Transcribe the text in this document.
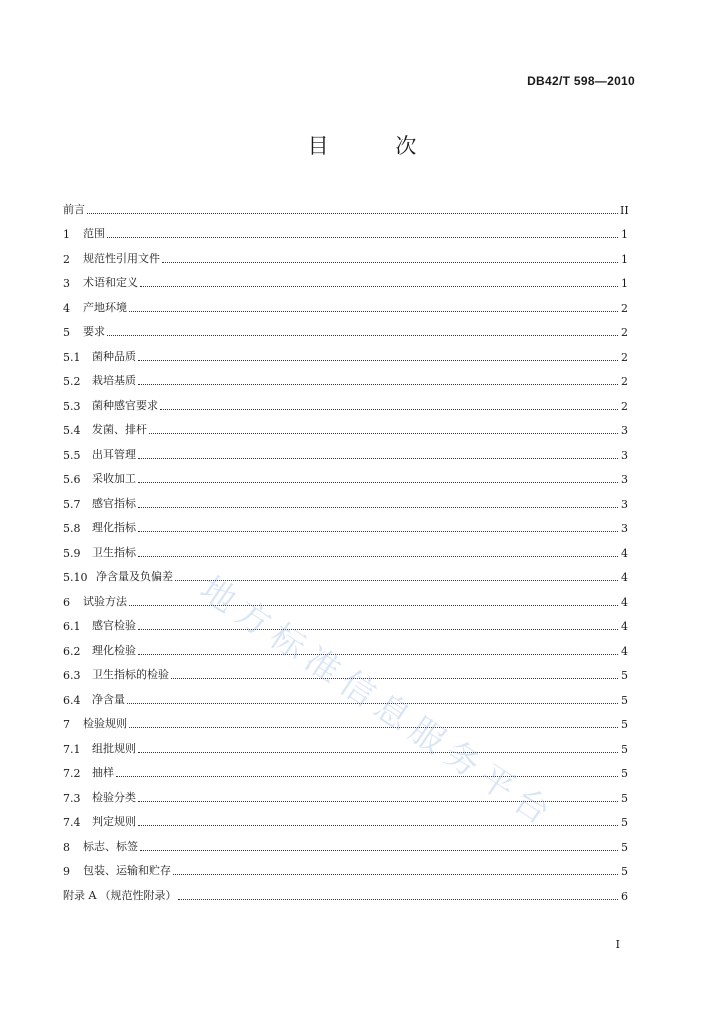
DB42/T 598—2010
目 次
前言	II
1	范围	1
2	规范性引用文件	1
3	术语和定义	1
4	产地环境	2
5	要求	2
5.1	菌种品质	2
5.2	栽培基质	2
5.3	菌种感官要求	2
5.4	发菌、排杆	3
5.5	出耳管理	3
5.6	采收加工	3
5.7	感官指标	3
5.8	理化指标	3
5.9	卫生指标	4
5.10 净含量及负偏差	4
6	试验方法	4
6.1	感官检验	4
6.2	理化检验	4
6.3	卫生指标的检验	5
6.4	净含量	5
7	检验规则	5
7.1	组批规则	5
7.2	抽样	5
7.3	检验分类	5
7.4	判定规则	5
8	标志、标签	5
9	包装、运输和贮存	5
附录 A （规范性附录）	6
I
地方标准信息服务平台
